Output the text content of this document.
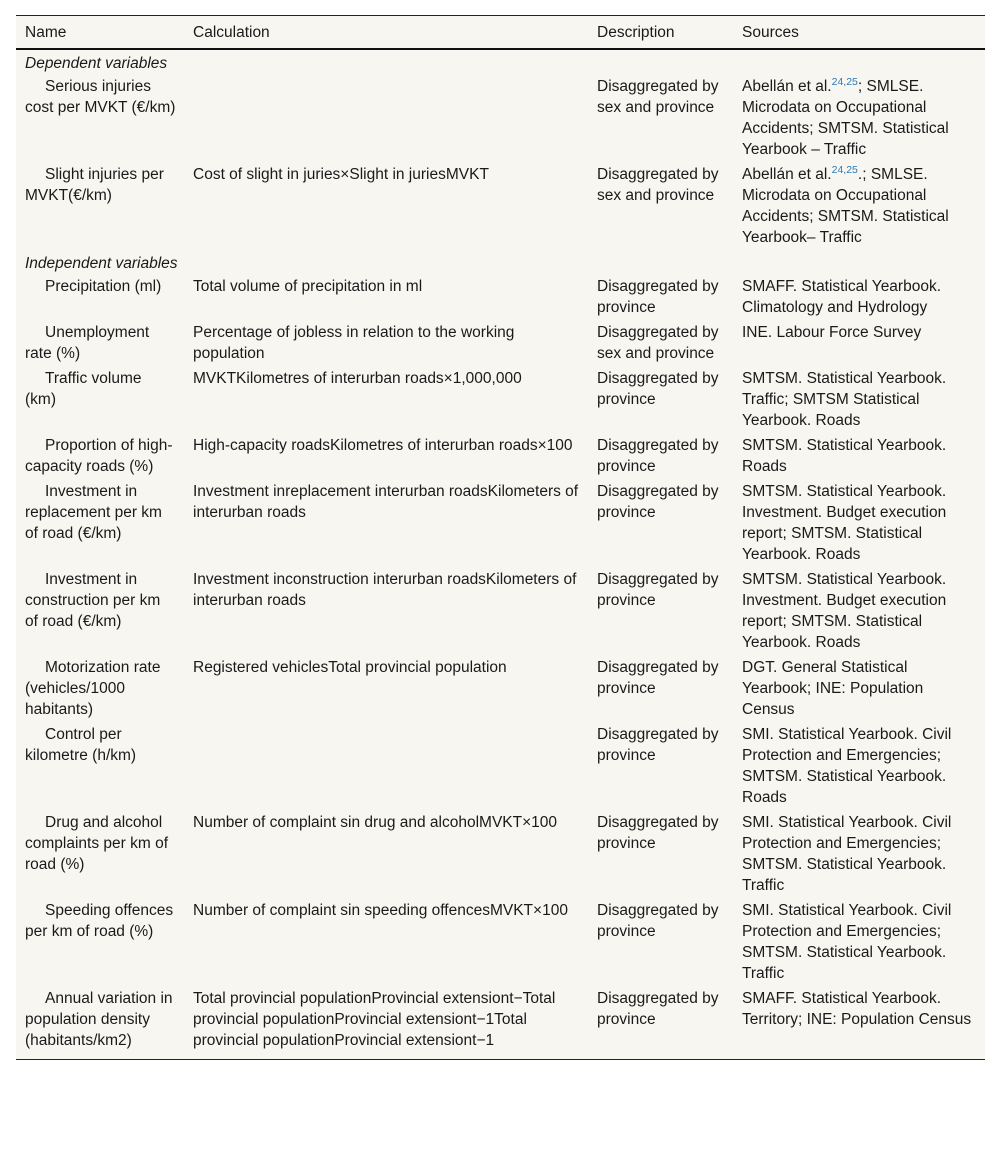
Name	Calculation	Description	Sources
Dependent variables			
Serious injuries cost per MVKT (€/km)		Disaggregated by sex and province	Abellán et al.$^{24,25}$; SMLSE. Microdata on Occupational Accidents; SMTSM. Statistical Yearbook – Traffic
Slight injuries per MVKT(€/km)	Cost of slight in juries×Slight in juriesMVKT	Disaggregated by sex and province	Abellán et al.$^{24,25}$.; SMLSE. Microdata on Occupational Accidents; SMTSM. Statistical Yearbook– Traffic
Independent variables			
Precipitation (ml)	Total volume of precipitation in ml	Disaggregated by province	SMAFF. Statistical Yearbook. Climatology and Hydrology
Unemployment rate (%)	Percentage of jobless in relation to the working population	Disaggregated by sex and province	INE. Labour Force Survey
Traffic volume (km)	MVKTKilometres of interurban roads×1,000,000	Disaggregated by province	SMTSM. Statistical Yearbook. Traffic; SMTSM Statistical Yearbook. Roads
Proportion of high-capacity roads (%)	High-capacity roadsKilometres of interurban roads×100	Disaggregated by province	SMTSM. Statistical Yearbook. Roads
Investment in replacement per km of road (€/km)	Investment inreplacement interurban roadsKilometers of interurban roads	Disaggregated by province	SMTSM. Statistical Yearbook. Investment. Budget execution report; SMTSM. Statistical Yearbook. Roads
Investment in construction per km of road (€/km)	Investment inconstruction interurban roadsKilometers of interurban roads	Disaggregated by province	SMTSM. Statistical Yearbook. Investment. Budget execution report; SMTSM. Statistical Yearbook. Roads
Motorization rate (vehicles/1000 habitants)	Registered vehiclesTotal provincial population	Disaggregated by province	DGT. General Statistical Yearbook; INE: Population Census
Control per kilometre (h/km)		Disaggregated by province	SMI. Statistical Yearbook. Civil Protection and Emergencies; SMTSM. Statistical Yearbook. Roads
Drug and alcohol complaints per km of road (%)	Number of complaint sin drug and alcoholMVKT×100	Disaggregated by province	SMI. Statistical Yearbook. Civil Protection and Emergencies; SMTSM. Statistical Yearbook. Traffic
Speeding offences per km of road (%)	Number of complaint sin speeding offencesMVKT×100	Disaggregated by province	SMI. Statistical Yearbook. Civil Protection and Emergencies; SMTSM. Statistical Yearbook. Traffic
Annual variation in population density (habitants/km2)	Total provincial populationProvincial extensiont−Total provincial populationProvincial extensiont−1Total provincial populationProvincial extensiont−1	Disaggregated by province	SMAFF. Statistical Yearbook. Territory; INE: Population Census
